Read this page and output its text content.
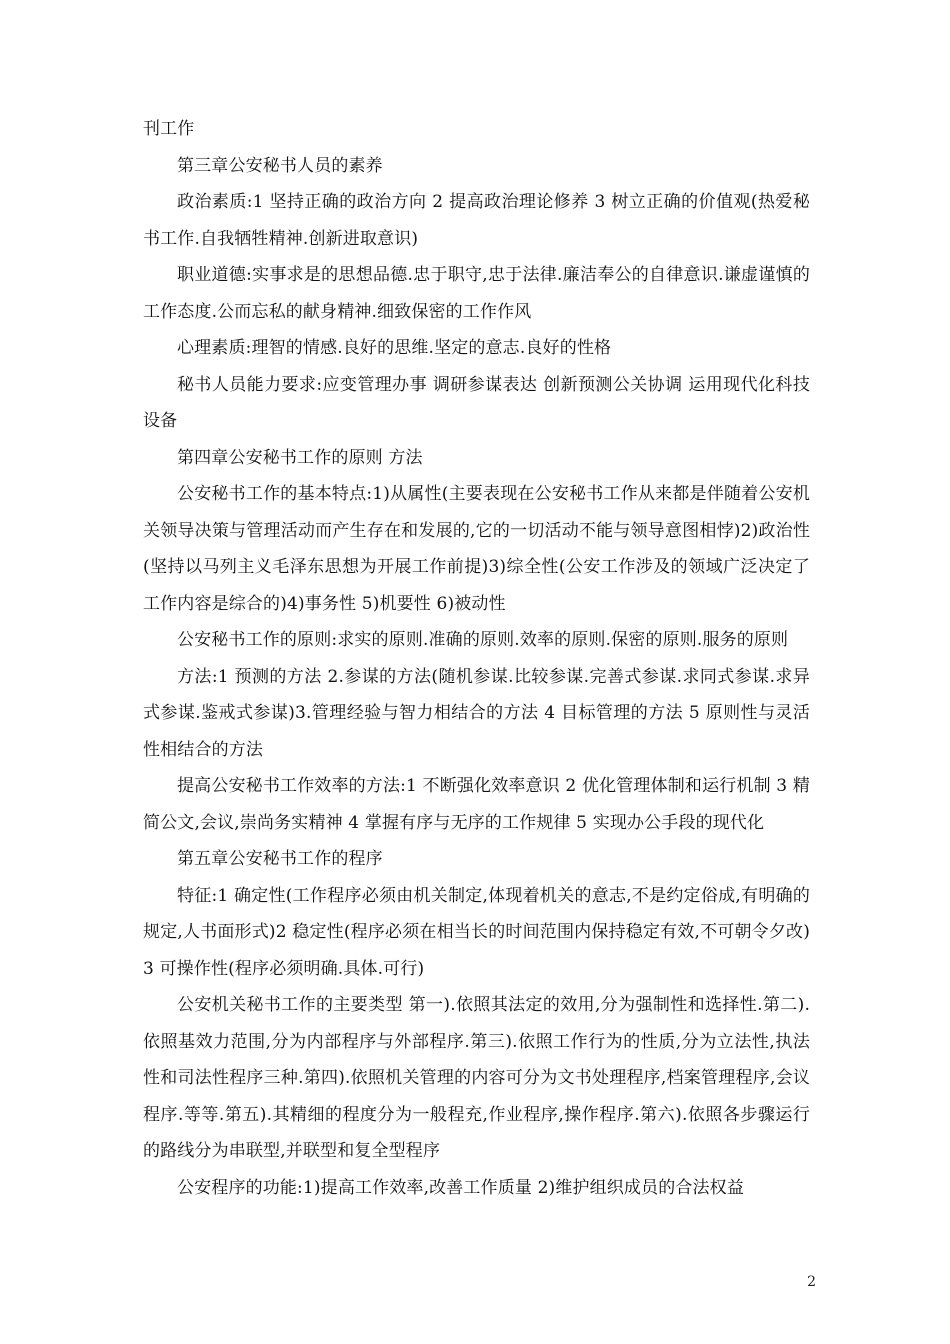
刊工作

第三章公安秘书人员的素养

政治素质:1 坚持正确的政治方向 2 提高政治理论修养 3 树立正确的价值观(热爱秘书工作.自我牺牲精神.创新进取意识)

职业道德:实事求是的思想品德.忠于职守,忠于法律.廉洁奉公的自律意识.谦虚谨慎的工作态度.公而忘私的献身精神.细致保密的工作作风

心理素质:理智的情感.良好的思维.坚定的意志.良好的性格

秘书人员能力要求:应变管理办事 调研参谋表达 创新预测公关协调 运用现代化科技设备

第四章公安秘书工作的原则 方法

公安秘书工作的基本特点:1)从属性(主要表现在公安秘书工作从来都是伴随着公安机关领导决策与管理活动而产生存在和发展的,它的一切活动不能与领导意图相悖)2)政治性(坚持以马列主义毛泽东思想为开展工作前提)3)综全性(公安工作涉及的领域广泛决定了工作内容是综合的)4)事务性 5)机要性 6)被动性

公安秘书工作的原则:求实的原则.准确的原则.效率的原则.保密的原则.服务的原则

方法:1 预测的方法 2.参谋的方法(随机参谋.比较参谋.完善式参谋.求同式参谋.求异式参谋.鉴戒式参谋)3.管理经验与智力相结合的方法 4 目标管理的方法 5 原则性与灵活性相结合的方法

提高公安秘书工作效率的方法:1 不断强化效率意识 2 优化管理体制和运行机制 3 精简公文,会议,崇尚务实精神 4 掌握有序与无序的工作规律 5 实现办公手段的现代化

第五章公安秘书工作的程序

特征:1 确定性(工作程序必须由机关制定,体现着机关的意志,不是约定俗成,有明确的规定,人书面形式)2 稳定性(程序必须在相当长的时间范围内保持稳定有效,不可朝令夕改)3 可操作性(程序必须明确.具体.可行)

公安机关秘书工作的主要类型 第一).依照其法定的效用,分为强制性和选择性.第二).依照基效力范围,分为内部程序与外部程序.第三).依照工作行为的性质,分为立法性,执法性和司法性程序三种.第四).依照机关管理的内容可分为文书处理程序,档案管理程序,会议程序.等等.第五).其精细的程度分为一般程充,作业程序,操作程序.第六).依照各步骤运行的路线分为串联型,并联型和复全型程序

公安程序的功能:1)提高工作效率,改善工作质量 2)维护组织成员的合法权益

2
